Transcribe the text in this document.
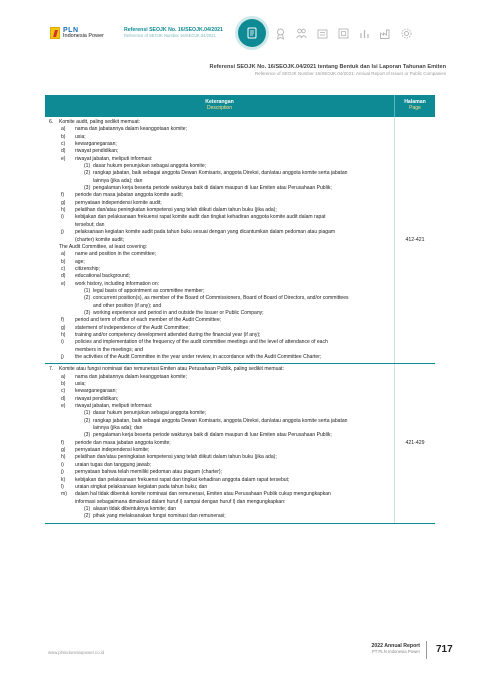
PLN
Indonesia Power
Referensi SEOJK No. 16/SEOJK.04/2021
Reference of SEOJK Number 16/SEOJK.04/2021
Referensi SEOJK No. 16/SEOJK.04/2021 tentang Bentuk dan Isi Laporan Tahunan Emiten
Reference of SEOJK Number 16/SEOJK.04/2021: Annual Report of Issuer or Public Companies
Keterangan
Description
Halaman
Page
6. Komite audit, paling sedikit memuat:
a) nama dan jabatannya dalam keanggotaan komite;
b) usia;
c) kewarganegaraan;
d) riwayat pendidikan;
e) riwayat jabatan, meliputi informasi:
(1) dasar hukum penunjukan sebagai anggota komite;
(2) rangkap jabatan, baik sebagai anggota Dewan Komisaris, anggota Direksi, dan/atau anggota komite serta jabatan
lainnya (jika ada); dan
(3) pengalaman kerja beserta periode waktunya baik di dalam maupun di luar Emiten atau Perusahaan Publik;
f) periode dan masa jabatan anggota komite audit;
g) pernyataan independensi komite audit;
h) pelatihan dan/atau peningkatan kompetensi yang telah diikuti dalam tahun buku (jika ada);
i) kebijakan dan pelaksanaan frekuensi rapat komite audit dan tingkat kehadiran anggota komite audit dalam rapat
tersebut; dan
j) pelaksanaan kegiatan komite audit pada tahun buku sesuai dengan yang dicantumkan dalam pedoman atau piagam
(charter) komite audit;
The Audit Committee, at least covering:
a) name and position in the committee;
b) age;
c) citizenship;
d) educational background;
e) work history, including information on:
(1) legal basis of appointment as committee member;
(2) concurrent position(s), as member of the Board of Commissioners, Board of Board of Directors, and/or committees
and other position (if any); and
(3) working experience and period in and outside the Issuer or Public Company;
f) period and term of office of each member of the Audit Committee;
g) statement of independence of the Audit Committee;
h) training and/or competency development attended during the financial year (if any);
i) policies and implementation of the frequency of the audit committee meetings and the level of attendance of each
members in the meetings; and
j) the activities of the Audit Committee in the year under review, in accordance with the Audit Committee Charter;
412-421
7. Komite atau fungsi nominasi dan remunerasi Emiten atau Perusahaan Publik, paling sedikit memuat:
a) nama dan jabatannya dalam keanggotaan komite;
b) usia;
c) kewarganegaraan;
d) riwayat pendidikan;
e) riwayat jabatan, meliputi informasi:
(1) dasar hukum penunjukan sebagai anggota komite;
(2) rangkap jabatan, baik sebagai anggota Dewan Komisaris, anggota Direksi, dan/atau anggota komite serta jabatan
lainnya (jika ada); dan
(3) pengalaman kerja beserta periode waktunya baik di dalam maupun di luar Emiten atau Perusahaan Publik;
f) periode dan masa jabatan anggota komite;
g) pernyataan independensi komite;
h) pelatihan dan/atau peningkatan kompetensi yang telah diikuti dalam tahun buku (jika ada);
i) uraian tugas dan tanggung jawab;
j) pernyataan bahwa telah memiliki pedoman atau piagam (charter);
k) kebijakan dan pelaksanaan frekuensi rapat dan tingkat kehadiran anggota dalam rapat tersebut;
l) uraian singkat pelaksanaan kegiatan pada tahun buku; dan
m) dalam hal tidak dibentuk komite nominasi dan remunerasi, Emiten atau Perusahaan Publik cukup mengungkapkan
informasi sebagaimana dimaksud dalam huruf i) sampai dengan huruf l) dan mengungkapkan:
(1) alasan tidak dibentuknya komite; dan
(2) pihak yang melaksanakan fungsi nominasi dan remunerasi;
421-429
www.plnindonesiapower.co.id
2022 Annual Report
PT PLN Indonesia Power 717
